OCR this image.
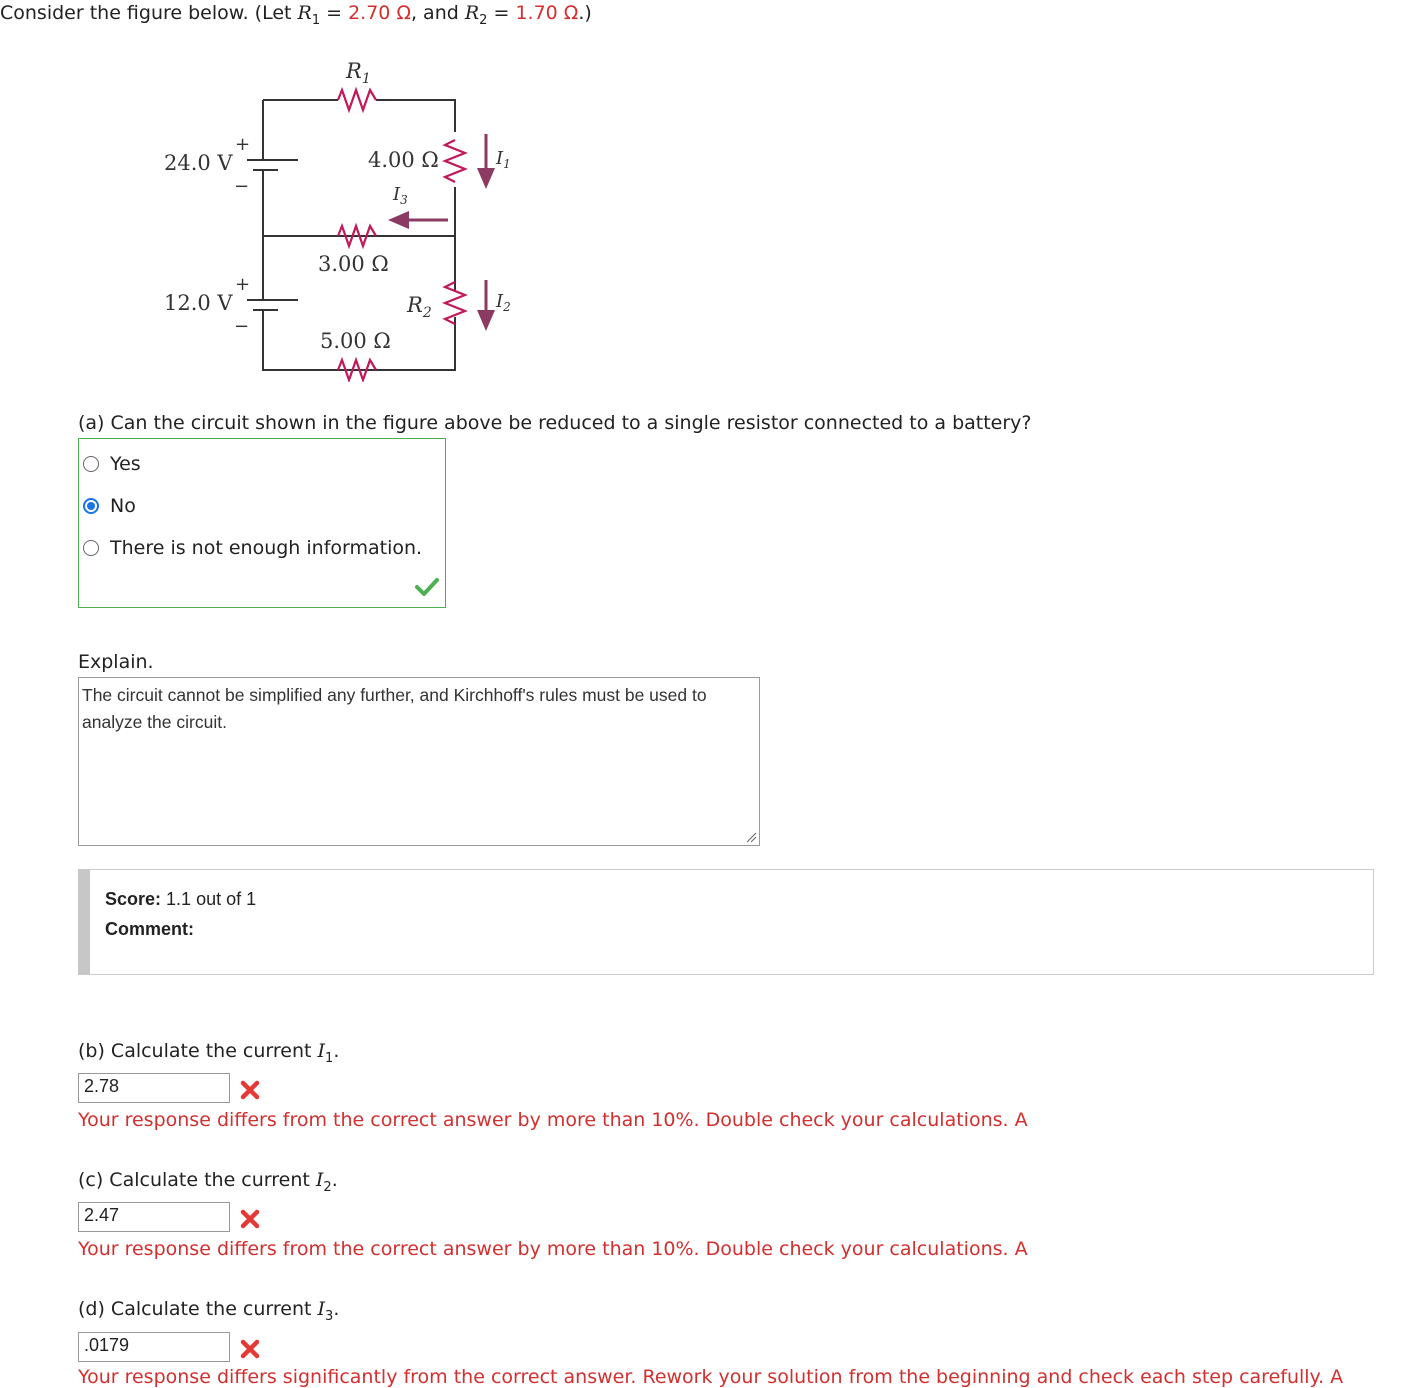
Consider the figure below. (Let $R_1 = 2.70$ Ω, and $R_2 = 1.70$ Ω.)
$R_1$
24.0 V
12.0 V
+
−
+
−
4.00 Ω
3.00 Ω
5.00 Ω
$R_2$
$I_1$
$I_2$
$I_3$
(a) Can the circuit shown in the figure above be reduced to a single resistor connected to a battery?
Yes
No
There is not enough information.
Explain.
The circuit cannot be simplified any further, and Kirchhoff's rules must be used to analyze the circuit.
Score: 1.1 out of 1
Comment:
(b) Calculate the current $I_1$.
2.78
Your response differs from the correct answer by more than 10%. Double check your calculations. A
(c) Calculate the current $I_2$.
2.47
Your response differs from the correct answer by more than 10%. Double check your calculations. A
(d) Calculate the current $I_3$.
.0179
Your response differs significantly from the correct answer. Rework your solution from the beginning and check each step carefully. A
